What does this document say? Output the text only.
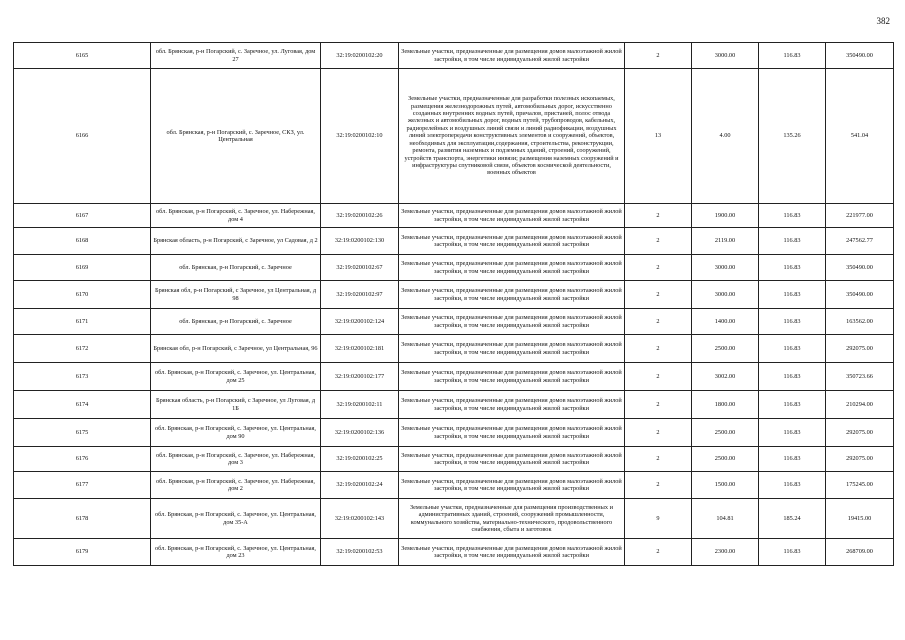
382
6165	обл. Брянская, р-н Погарский, с. Заречное, ул. Луговая, дом 27	32:19:0200102:20	Земельные участки, предназначенные для размещения домов малоэтажной жилой застройки, в том числе индивидуальной жилой застройки	2	3000.00	116.83	350490.00
6166	обл. Брянская, р-н Погарский, с. Заречное, СКЗ, ул. Центральная	32:19:0200102:10	Земельные участки, предназначенные для разработки полезных ископаемых, размещения железнодорожных путей, автомобильных дорог, искусственно созданных внутренних водных путей, причалов, пристаней, полос отвода железных и автомобильных дорог, водных путей, трубопроводов, кабельных, радиорелейных и воздушных линий связи и линий радиофикации, воздушных линий электропередачи конструктивных элементов и сооружений, объектов, необходимых для эксплуатации,содержания, строительства, реконструкции, ремонта, развития наземных и подземных зданий, строений, сооружений, устройств транспорта, энергетики инвязи; размещения наземных сооружений и инфраструктуры спутниковой связи, объектов космической деятельности, военных объектов	13	4.00	135.26	541.04
6167	обл. Брянская, р-н Погарский, с. Заречное, ул. Набережная, дом 4	32:19:0200102:26	Земельные участки, предназначенные для размещения домов малоэтажной жилой застройки, в том числе индивидуальной жилой застройки	2	1900.00	116.83	221977.00
6168	Брянская область, р-н Погарский, с Заречное, ул Садовая, д 2	32:19:0200102:130	Земельные участки, предназначенные для размещения домов малоэтажной жилой застройки, в том числе индивидуальной жилой застройки	2	2119.00	116.83	247562.77
6169	обл. Брянская, р-н Погарский, с. Заречное	32:19:0200102:67	Земельные участки, предназначенные для размещения домов малоэтажной жилой застройки, в том числе индивидуальной жилой застройки	2	3000.00	116.83	350490.00
6170	Брянская обл, р-н Погарский, с Заречное, ул Центральная, д 98	32:19:0200102:97	Земельные участки, предназначенные для размещения домов малоэтажной жилой застройки, в том числе индивидуальной жилой застройки	2	3000.00	116.83	350490.00
6171	обл. Брянская, р-н Погарский, с. Заречное	32:19:0200102:124	Земельные участки, предназначенные для размещения домов малоэтажной жилой застройки, в том числе индивидуальной жилой застройки	2	1400.00	116.83	163562.00
6172	Брянская обл, р-н Погарский, с Заречное, ул Центральная, 96	32:19:0200102:181	Земельные участки, предназначенные для размещения домов малоэтажной жилой застройки, в том числе индивидуальной жилой застройки	2	2500.00	116.83	292075.00
6173	обл. Брянская, р-н Погарский, с. Заречное, ул. Центральная, дом 25	32:19:0200102:177	Земельные участки, предназначенные для размещения домов малоэтажной жилой застройки, в том числе индивидуальной жилой застройки	2	3002.00	116.83	350723.66
6174	Брянская область, р-н Погарский, с Заречное, ул Луговая, д 1Б	32:19:0200102:11	Земельные участки, предназначенные для размещения домов малоэтажной жилой застройки, в том числе индивидуальной жилой застройки	2	1800.00	116.83	210294.00
6175	обл. Брянская, р-н Погарский, с. Заречное, ул. Центральная, дом 90	32:19:0200102:136	Земельные участки, предназначенные для размещения домов малоэтажной жилой застройки, в том числе индивидуальной жилой застройки	2	2500.00	116.83	292075.00
6176	обл. Брянская, р-н Погарский, с. Заречное, ул. Набережная, дом 3	32:19:0200102:25	Земельные участки, предназначенные для размещения домов малоэтажной жилой застройки, в том числе индивидуальной жилой застройки	2	2500.00	116.83	292075.00
6177	обл. Брянская, р-н Погарский, с. Заречное, ул. Набережная, дом 2	32:19:0200102:24	Земельные участки, предназначенные для размещения домов малоэтажной жилой застройки, в том числе индивидуальной жилой застройки	2	1500.00	116.83	175245.00
6178	обл. Брянская, р-н Погарский, с. Заречное, ул. Центральная, дом 35-А	32:19:0200102:143	Земельные участки, предназначенные для размещения производственных и административных зданий, строений, сооружений промышленности, коммунального хозяйства, материально-технического, продовольственного снабжения, сбыта и заготовок	9	104.81	185.24	19415.00
6179	обл. Брянская, р-н Погарский, с. Заречное, ул. Центральная, дом 23	32:19:0200102:53	Земельные участки, предназначенные для размещения домов малоэтажной жилой застройки, в том числе индивидуальной жилой застройки	2	2300.00	116.83	268709.00
